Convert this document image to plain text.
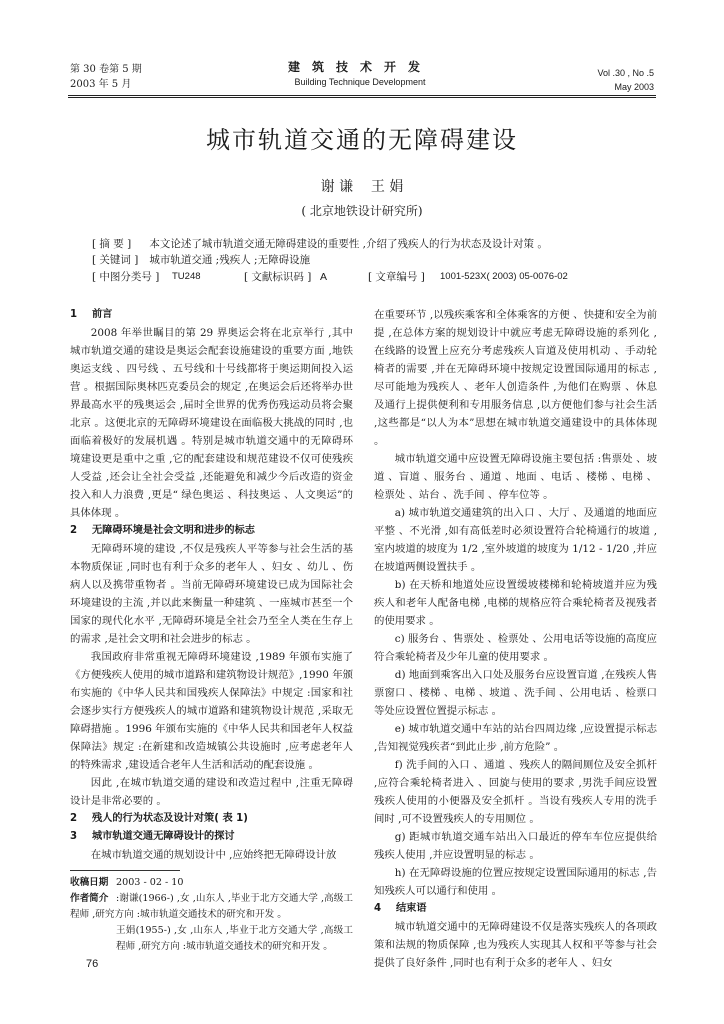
第 30 卷第 5 期
2003 年 5 月
建筑技术开发
Building Technique Development
Vol .30 , No .5
May 2003
城市轨道交通的无障碍建设
谢 谦    王 娟
( 北京地铁设计研究所)
[ 摘 要 ] 本文论述了城市轨道交通无障碍建设的重要性 ,介绍了残疾人的行为状态及设计对策 。
[ 关键词 ] 城市轨道交通 ;残疾人 ;无障碍设施
[ 中图分类号 ] TU248	[ 文献标识码 ] A	[ 文章编号 ] 1001-523X( 2003) 05-0076-02

1 前言

2008 年举世瞩目的第 29 界奥运会将在北京举行 ,其中城市轨道交通的建设是奥运会配套设施建设的重要方面 ,地铁奥运支线 、四号线 、五号线和十号线都将于奥运期间投入运营 。根据国际奥林匹克委员会的规定 ,在奥运会后还将举办世界最高水平的残奥运会 ,届时全世界的优秀伤残运动员将会聚北京 。这便北京的无障碍环境建设在面临极大挑战的同时 ,也面临着极好的发展机遇 。特别是城市轨道交通中的无障碍环境建设更是重中之重 ,它的配套建设和规范建设不仅可使残疾人受益 ,还会让全社会受益 ,还能避免和减少今后改造的资金投入和人力浪费 ,更是“ 绿色奥运 、科技奥运 、人文奥运”的具体体现 。

2 无障碍环境是社会文明和进步的标志

无障碍环境的建设 ,不仅是残疾人平等参与社会生活的基本物质保证 ,同时也有利于众多的老年人 、妇女 、幼儿 、伤病人以及携带重物者 。当前无障碍环境建设已成为国际社会环境建设的主流 ,并以此来衡量一种建筑 、一座城市甚至一个国家的现代化水平 ,无障碍环境是全社会乃至全人类在生存上的需求 ,是社会文明和社会进步的标志 。

我国政府非常重视无障碍环境建设 ,1989 年颁布实施了《方便残疾人使用的城市道路和建筑物设计规范》,1990 年颁布实施的《中华人民共和国残疾人保障法》中规定 :国家和社会逐步实行方便残疾人的城市道路和建筑物设计规范 ,采取无障碍措施 。1996 年颁布实施的《中华人民共和国老年人权益保障法》规定 :在新建和改造城镇公共设施时 ,应考虑老年人的特殊需求 ,建设适合老年人生活和活动的配套设施 。

因此 ,在城市轨道交通的建设和改造过程中 ,注重无障碍设计是非常必要的 。

2 残人的行为状态及设计对策( 表 1)

3 城市轨道交通无障碍设计的探讨

在城市轨道交通的规划设计中 ,应始终把无障碍设计放

收稿日期 2003 - 02 - 10
作者简介 :谢谦(1966-) ,女 ,山东人 ,毕业于北方交通大学 ,高级工程师 ,研究方向 :城市轨道交通技术的研究和开发 。
王娟(1955-) ,女 ,山东人 ,毕业于北方交通大学 ,高级工程师 ,研究方向 :城市轨道交通技术的研究和开发 。

在重要环节 ,以残疾乘客和全体乘客的方便 、快捷和安全为前提 ,在总体方案的规划设计中就应考虑无障碍设施的系列化 ,在线路的设置上应充分考虑残疾人盲道及使用机动 、手动轮椅者的需要 ,并在无障碍环境中按规定设置国际通用的标志 ,尽可能地为残疾人 、老年人创造条件 ,为他们在购票 、休息及通行上提供便利和专用服务信息 ,以方便他们参与社会生活 ,这些都是“以人为本”思想在城市轨道交通建设中的具体体现 。

城市轨道交通中应设置无障碍设施主要包括 :售票处 、坡道 、盲道 、服务台 、通道 、地面 、电话 、楼梯 、电梯 、检票处 、站台 、洗手间 、停车位等 。

a) 城市轨道交通建筑的出入口 、大厅 、及通道的地面应平整 、不光滑 ,如有高低差时必须设置符合轮椅通行的坡道 ,室内坡道的坡度为 1/2 ,室外坡道的坡度为 1/12 - 1/20 ,并应在坡道两侧设置扶手 。

b) 在天桥和地道处应设置缓坡楼梯和轮椅坡道并应为残疾人和老年人配备电梯 ,电梯的规格应符合乘轮椅者及视残者的使用要求 。

c) 服务台 、售票处 、检票处 、公用电话等设施的高度应符合乘轮椅者及少年儿童的使用要求 。

d) 地面到乘客出入口处及服务台应设置盲道 ,在残疾人售票窗口 、楼梯 、电梯 、坡道 、洗手间 、公用电话 、检票口等处应设置位置提示标志 。

e) 城市轨道交通中车站的站台四周边缘 ,应设置提示标志 ,告知视觉残疾者“到此止步 ,前方危险” 。

f) 洗手间的入口 、通道 、残疾人的隔间厕位及安全抓杆 ,应符合乘轮椅者进入 、回旋与使用的要求 ,男洗手间应设置残疾人使用的小便器及安全抓杆 。当设有残疾人专用的洗手间时 ,可不设置残疾人的专用厕位 。

g) 距城市轨道交通车站出入口最近的停车车位应提供给残疾人使用 ,并应设置明显的标志 。

h) 在无障碍设施的位置应按规定设置国际通用的标志 ,告知残疾人可以通行和使用 。

4 结束语

城市轨道交通中的无障碍建设不仅是落实残疾人的各项政策和法规的物质保障 ,也为残疾人实现其人权和平等参与社会提供了良好条件 ,同时也有利于众多的老年人 、妇女

76
